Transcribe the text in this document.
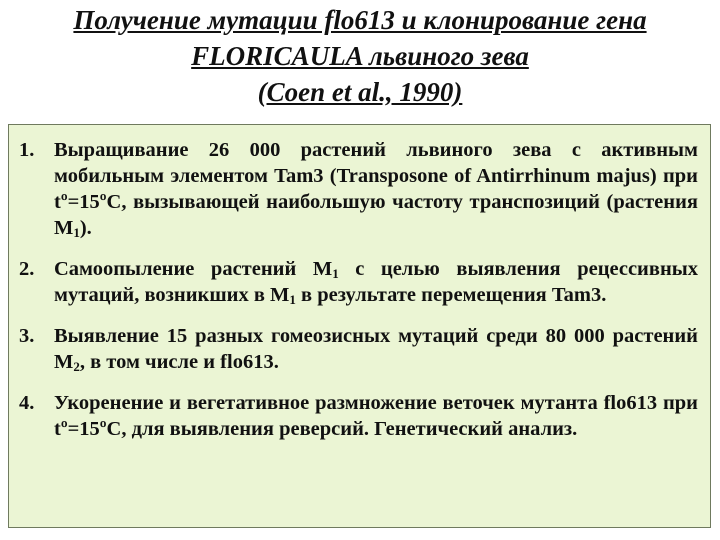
Получение мутации flo613 и клонирование гена
FLORICAULA львиного зева
(Coen et al., 1990)
1. Выращивание 26 000 растений львиного зева с активным мобильным элементом Tam3 (Transposone of Antirrhinum majus) при tº=15ºC, вызывающей наибольшую частоту транспозиций (растения $M_1$).
2. Самоопыление растений $M_1$ с целью выявления рецессивных мутаций, возникших в $M_1$ в результате перемещения Tam3.
3. Выявление 15 разных гомеозисных мутаций среди 80 000 растений $M_2$, в том числе и flo613.
4. Укоренение и вегетативное размножение веточек мутанта flo613 при tº=15ºC, для выявления реверсий. Генетический анализ.
